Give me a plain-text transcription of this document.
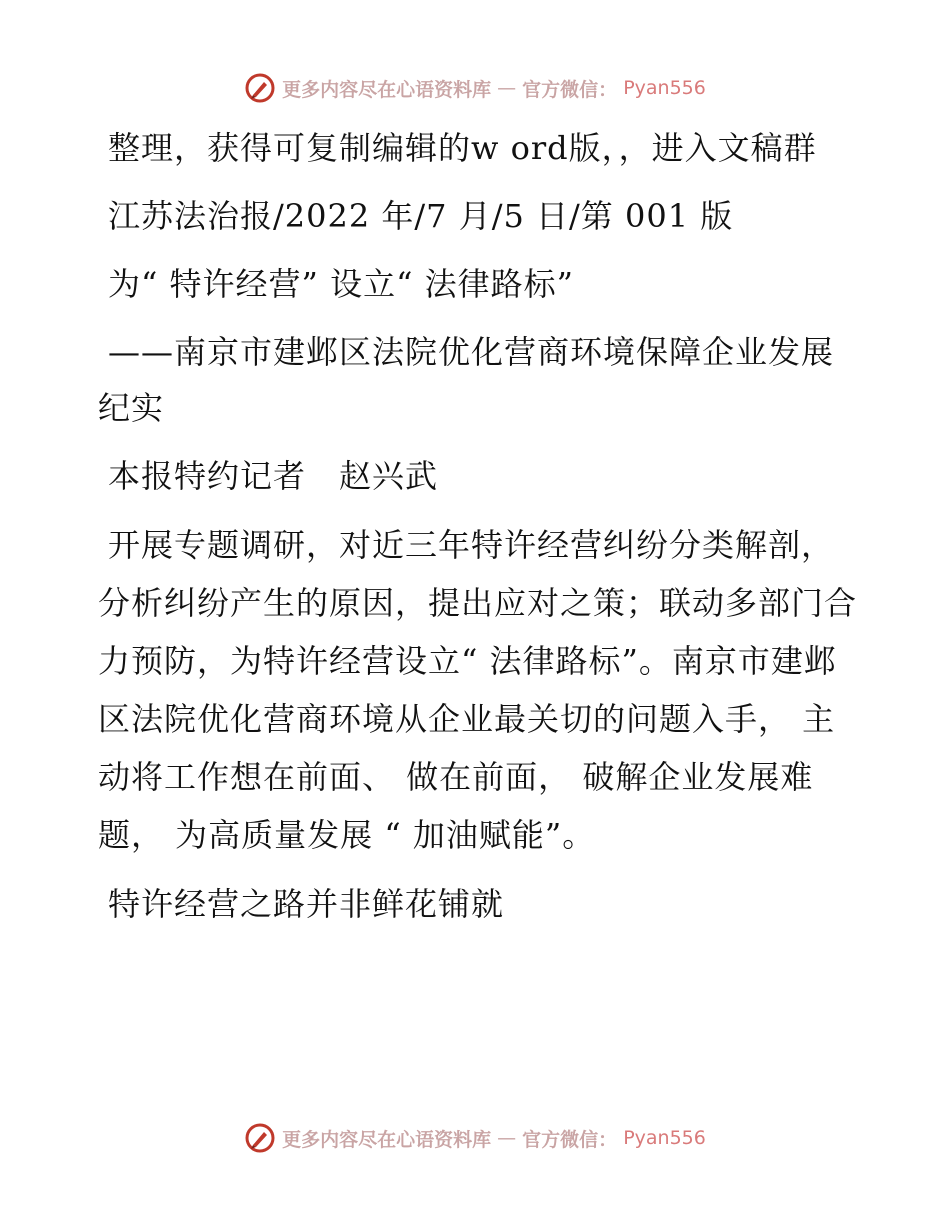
更多内容尽在心语资料库 — 官方微信： Pyan556

整理，获得可复制编辑的w ord版，，进入文稿群

江苏法治报/2022 年/7 月/5 日/第 001 版

为“ 特许经营” 设立“ 法律路标”

——南京市建邺区法院优化营商环境保障企业发展纪实

本报特约记者　赵兴武

开展专题调研，对近三年特许经营纠纷分类解剖，分析纠纷产生的原因，提出应对之策；联动多部门合力预防，为特许经营设立“ 法律路标”。南京市建邺区法院优化营商环境从企业最关切的问题入手， 主动将工作想在前面、 做在前面， 破解企业发展难题， 为高质量发展 “ 加油赋能”。

特许经营之路并非鲜花铺就

更多内容尽在心语资料库 — 官方微信： Pyan556
